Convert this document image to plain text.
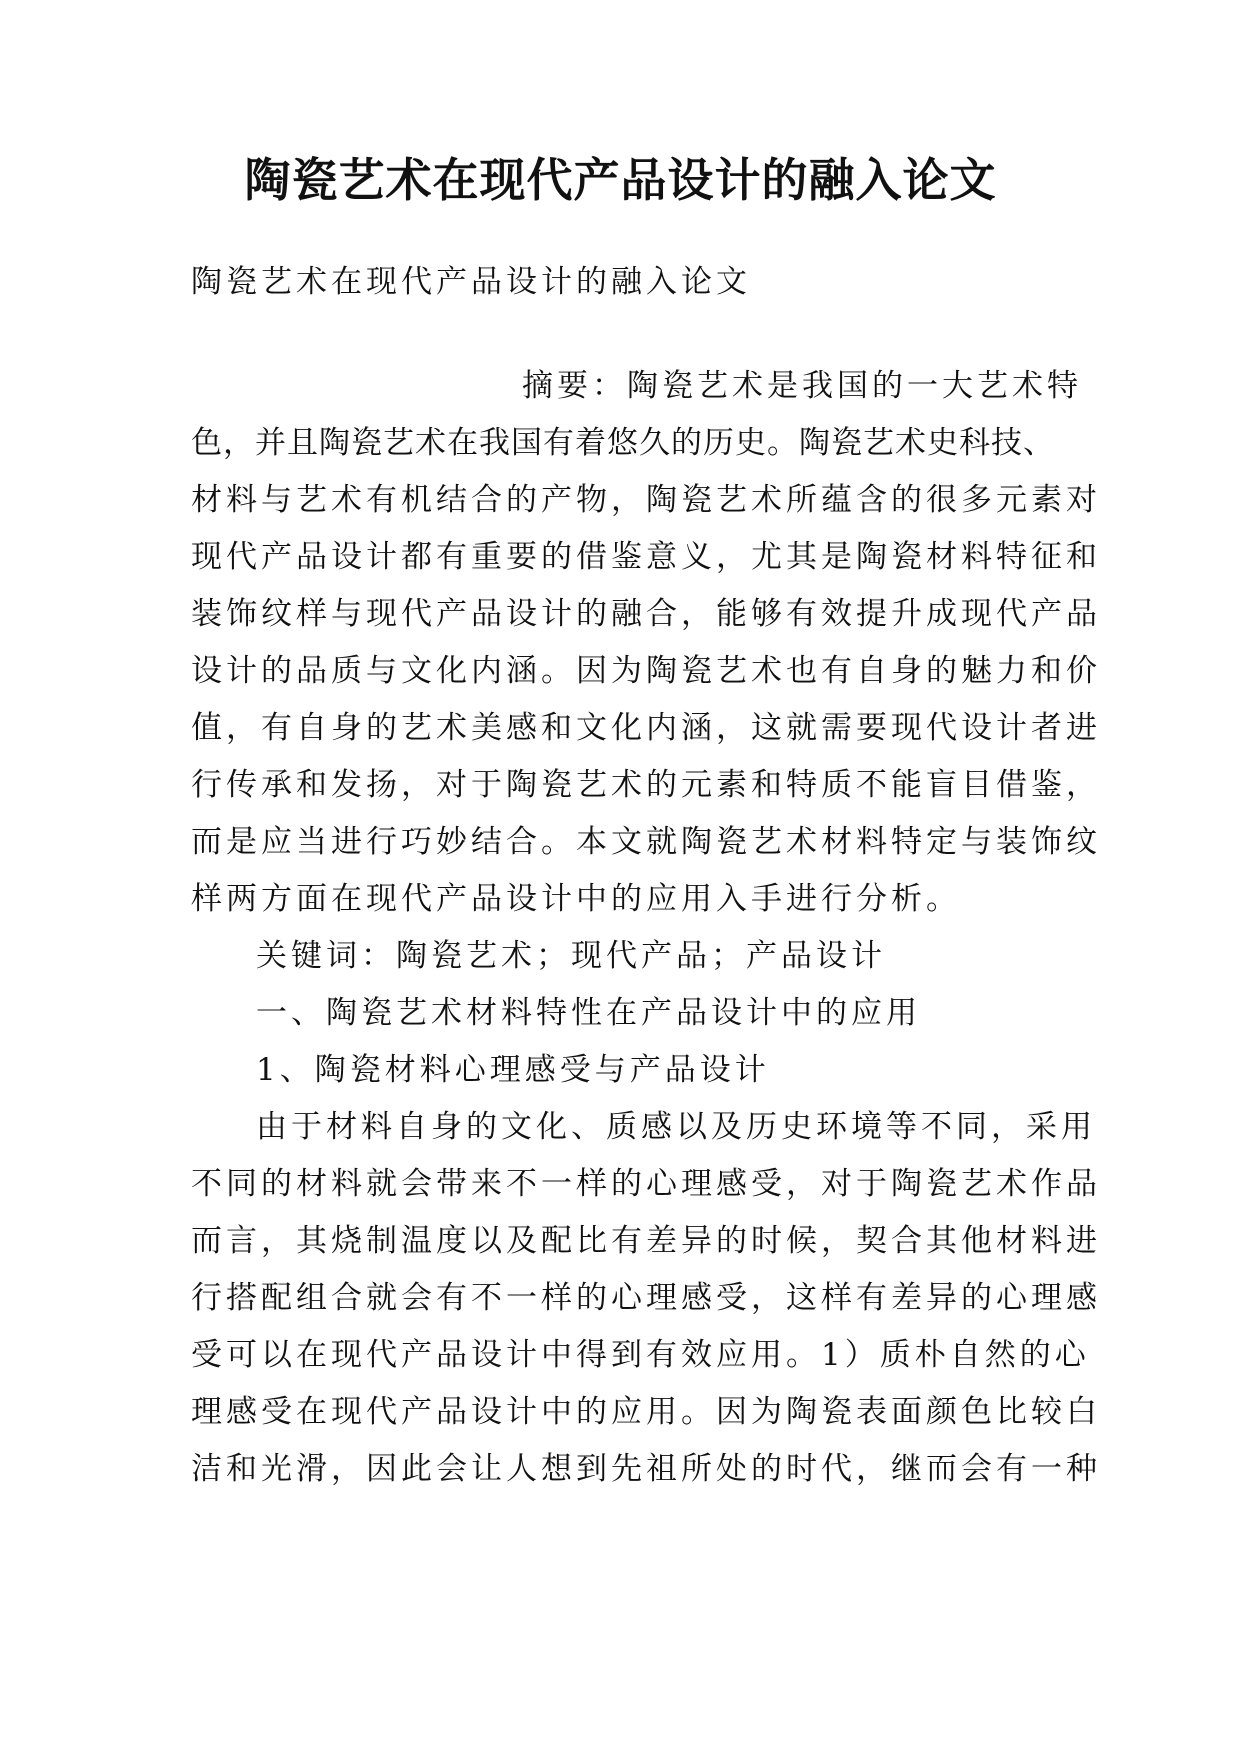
陶瓷艺术在现代产品设计的融入论文
陶瓷艺术在现代产品设计的融入论文
摘要：陶瓷艺术是我国的一大艺术特
色，并且陶瓷艺术在我国有着悠久的历史。陶瓷艺术史科技、
材料与艺术有机结合的产物，陶瓷艺术所蕴含的很多元素对
现代产品设计都有重要的借鉴意义，尤其是陶瓷材料特征和
装饰纹样与现代产品设计的融合，能够有效提升成现代产品
设计的品质与文化内涵。因为陶瓷艺术也有自身的魅力和价
值，有自身的艺术美感和文化内涵，这就需要现代设计者进
行传承和发扬，对于陶瓷艺术的元素和特质不能盲目借鉴，
而是应当进行巧妙结合。本文就陶瓷艺术材料特定与装饰纹
样两方面在现代产品设计中的应用入手进行分析。
关键词：陶瓷艺术；现代产品；产品设计
一、陶瓷艺术材料特性在产品设计中的应用
1、陶瓷材料心理感受与产品设计
由于材料自身的文化、质感以及历史环境等不同，采用
不同的材料就会带来不一样的心理感受，对于陶瓷艺术作品
而言，其烧制温度以及配比有差异的时候，契合其他材料进
行搭配组合就会有不一样的心理感受，这样有差异的心理感
受可以在现代产品设计中得到有效应用。1）质朴自然的心
理感受在现代产品设计中的应用。因为陶瓷表面颜色比较白
洁和光滑，因此会让人想到先祖所处的时代，继而会有一种
